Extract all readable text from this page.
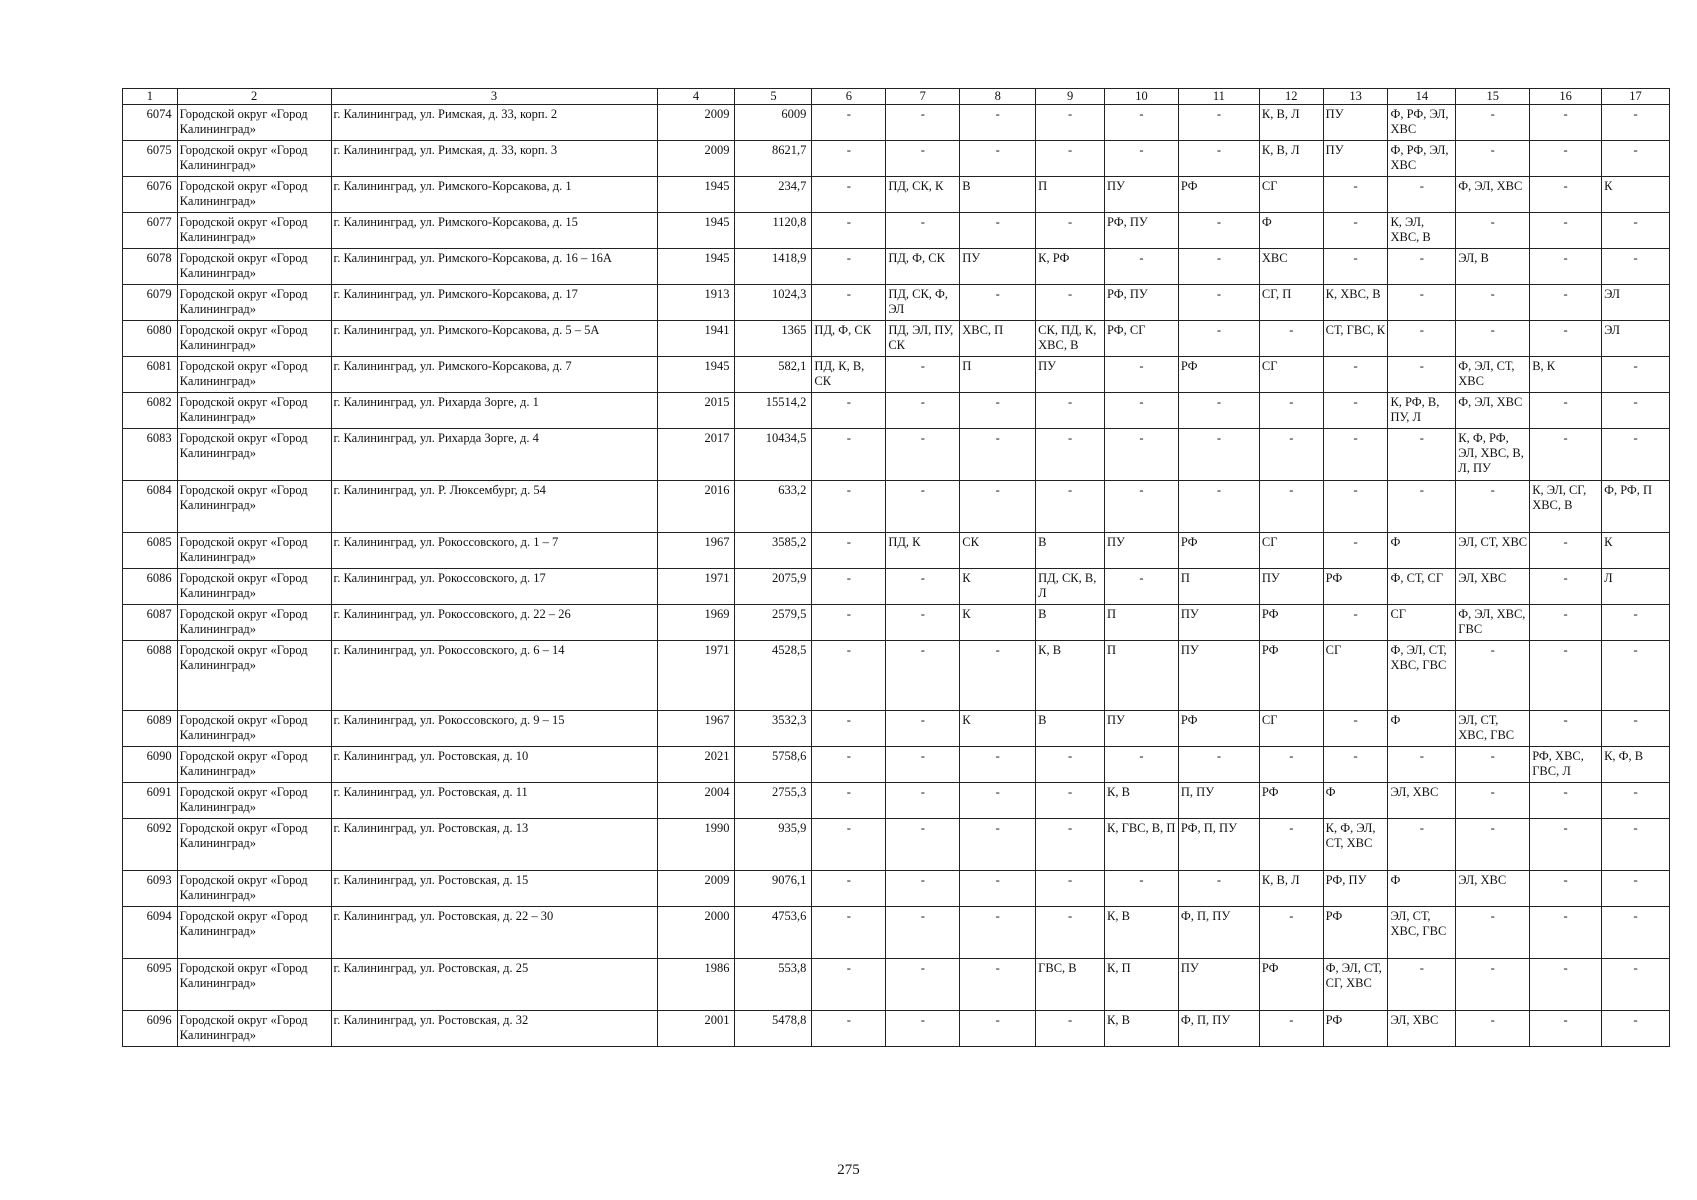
1	2	3	4	5	6	7	8	9	10	11	12	13	14	15	16	17
6074	Городской округ «Город Калининград»	г. Калининград, ул. Римская, д. 33, корп. 2	2009	6009	-	-	-	-	-	-	К, В, Л	ПУ	Ф, РФ, ЭЛ, ХВС	-	-	-
6075	Городской округ «Город Калининград»	г. Калининград, ул. Римская, д. 33, корп. 3	2009	8621,7	-	-	-	-	-	-	К, В, Л	ПУ	Ф, РФ, ЭЛ, ХВС	-	-	-
6076	Городской округ «Город Калининград»	г. Калининград, ул. Римского-Корсакова, д. 1	1945	234,7	-	ПД, СК, К	В	П	ПУ	РФ	СГ	-	-	Ф, ЭЛ, ХВС	-	К
6077	Городской округ «Город Калининград»	г. Калининград, ул. Римского-Корсакова, д. 15	1945	1120,8	-	-	-	-	РФ, ПУ	-	Ф	-	К, ЭЛ, ХВС, В	-	-	-
6078	Городской округ «Город Калининград»	г. Калининград, ул. Римского-Корсакова, д. 16 – 16А	1945	1418,9	-	ПД, Ф, СК	ПУ	К, РФ	-	-	ХВС	-	-	ЭЛ, В	-	-
6079	Городской округ «Город Калининград»	г. Калининград, ул. Римского-Корсакова, д. 17	1913	1024,3	-	ПД, СК, Ф, ЭЛ	-	-	РФ, ПУ	-	СГ, П	К, ХВС, В	-	-	-	ЭЛ
6080	Городской округ «Город Калининград»	г. Калининград, ул. Римского-Корсакова, д. 5 – 5А	1941	1365	ПД, Ф, СК	ПД, ЭЛ, ПУ, СК	ХВС, П	СК, ПД, К, ХВС, В	РФ, СГ	-	-	СТ, ГВС, К	-	-	-	ЭЛ
6081	Городской округ «Город Калининград»	г. Калининград, ул. Римского-Корсакова, д. 7	1945	582,1	ПД, К, В, СК	-	П	ПУ	-	РФ	СГ	-	-	Ф, ЭЛ, СТ, ХВС	В, К	-
6082	Городской округ «Город Калининград»	г. Калининград, ул. Рихарда Зорге, д. 1	2015	15514,2	-	-	-	-	-	-	-	-	К, РФ, В, ПУ, Л	Ф, ЭЛ, ХВС	-	-
6083	Городской округ «Город Калининград»	г. Калининград, ул. Рихарда Зорге, д. 4	2017	10434,5	-	-	-	-	-	-	-	-	-	К, Ф, РФ, ЭЛ, ХВС, В, Л, ПУ	-	-
6084	Городской округ «Город Калининград»	г. Калининград, ул. Р. Люксембург, д. 54	2016	633,2	-	-	-	-	-	-	-	-	-	-	К, ЭЛ, СГ, ХВС, В	Ф, РФ, П
6085	Городской округ «Город Калининград»	г. Калининград, ул. Рокоссовского, д. 1 – 7	1967	3585,2	-	ПД, К	СК	В	ПУ	РФ	СГ	-	Ф	ЭЛ, СТ, ХВС	-	К
6086	Городской округ «Город Калининград»	г. Калининград, ул. Рокоссовского, д. 17	1971	2075,9	-	-	К	ПД, СК, В, Л	-	П	ПУ	РФ	Ф, СТ, СГ	ЭЛ, ХВС	-	Л
6087	Городской округ «Город Калининград»	г. Калининград, ул. Рокоссовского, д. 22 – 26	1969	2579,5	-	-	К	В	П	ПУ	РФ	-	СГ	Ф, ЭЛ, ХВС, ГВС	-	-
6088	Городской округ «Город Калининград»	г. Калининград, ул. Рокоссовского, д. 6 – 14	1971	4528,5	-	-	-	К, В	П	ПУ	РФ	СГ	Ф, ЭЛ, СТ, ХВС, ГВС	-	-	-
6089	Городской округ «Город Калининград»	г. Калининград, ул. Рокоссовского, д. 9 – 15	1967	3532,3	-	-	К	В	ПУ	РФ	СГ	-	Ф	ЭЛ, СТ, ХВС, ГВС	-	-
6090	Городской округ «Город Калининград»	г. Калининград, ул. Ростовская, д. 10	2021	5758,6	-	-	-	-	-	-	-	-	-	-	РФ, ХВС, ГВС, Л	К, Ф, В
6091	Городской округ «Город Калининград»	г. Калининград, ул. Ростовская, д. 11	2004	2755,3	-	-	-	-	К, В	П, ПУ	РФ	Ф	ЭЛ, ХВС	-	-	-
6092	Городской округ «Город Калининград»	г. Калининград, ул. Ростовская, д. 13	1990	935,9	-	-	-	-	К, ГВС, В, П	РФ, П, ПУ	-	К, Ф, ЭЛ, СТ, ХВС	-	-	-	-
6093	Городской округ «Город Калининград»	г. Калининград, ул. Ростовская, д. 15	2009	9076,1	-	-	-	-	-	-	К, В, Л	РФ, ПУ	Ф	ЭЛ, ХВС	-	-
6094	Городской округ «Город Калининград»	г. Калининград, ул. Ростовская, д. 22 – 30	2000	4753,6	-	-	-	-	К, В	Ф, П, ПУ	-	РФ	ЭЛ, СТ, ХВС, ГВС	-	-	-
6095	Городской округ «Город Калининград»	г. Калининград, ул. Ростовская, д. 25	1986	553,8	-	-	-	ГВС, В	К, П	ПУ	РФ	Ф, ЭЛ, СТ, СГ, ХВС	-	-	-	-
6096	Городской округ «Город Калининград»	г. Калининград, ул. Ростовская, д. 32	2001	5478,8	-	-	-	-	К, В	Ф, П, ПУ	-	РФ	ЭЛ, ХВС	-	-	-
275
